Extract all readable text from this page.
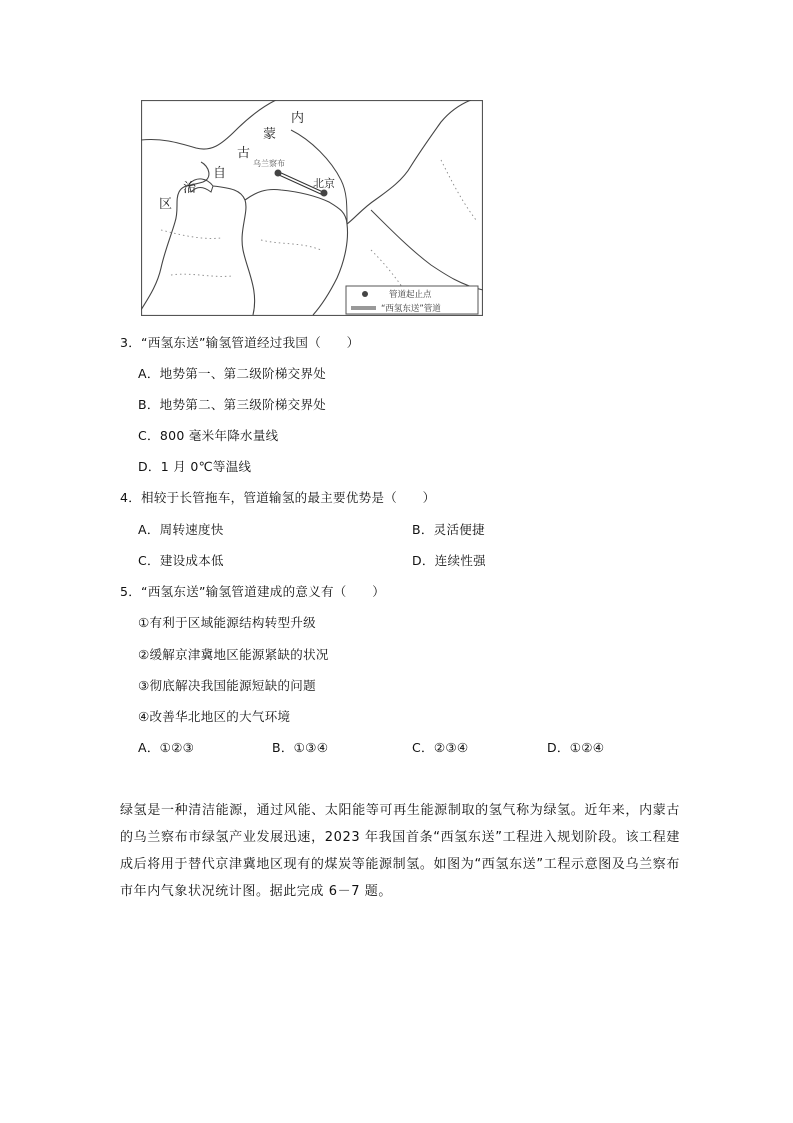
内
蒙
古
自
治
区
乌兰察布
北京
管道起止点
“西氢东送”管道
3．“西氢东送”输氢管道经过我国（　　）
A．地势第一、第二级阶梯交界处
B．地势第二、第三级阶梯交界处
C．800 毫米年降水量线
D．1 月 0℃等温线
4．相较于长管拖车，管道输氢的最主要优势是（　　）
A．周转速度快	B．灵活便捷
C．建设成本低	D．连续性强
5．“西氢东送”输氢管道建成的意义有（　　）
①有利于区域能源结构转型升级
②缓解京津冀地区能源紧缺的状况
③彻底解决我国能源短缺的问题
④改善华北地区的大气环境
A．①②③	B．①③④	C．②③④	D．①②④
绿氢是一种清洁能源，通过风能、太阳能等可再生能源制取的氢气称为绿氢。近年来，内蒙古的乌兰察布市绿氢产业发展迅速，2023 年我国首条“西氢东送”工程进入规划阶段。该工程建成后将用于替代京津冀地区现有的煤炭等能源制氢。如图为“西氢东送”工程示意图及乌兰察布市年内气象状况统计图。据此完成 6－7 题。
